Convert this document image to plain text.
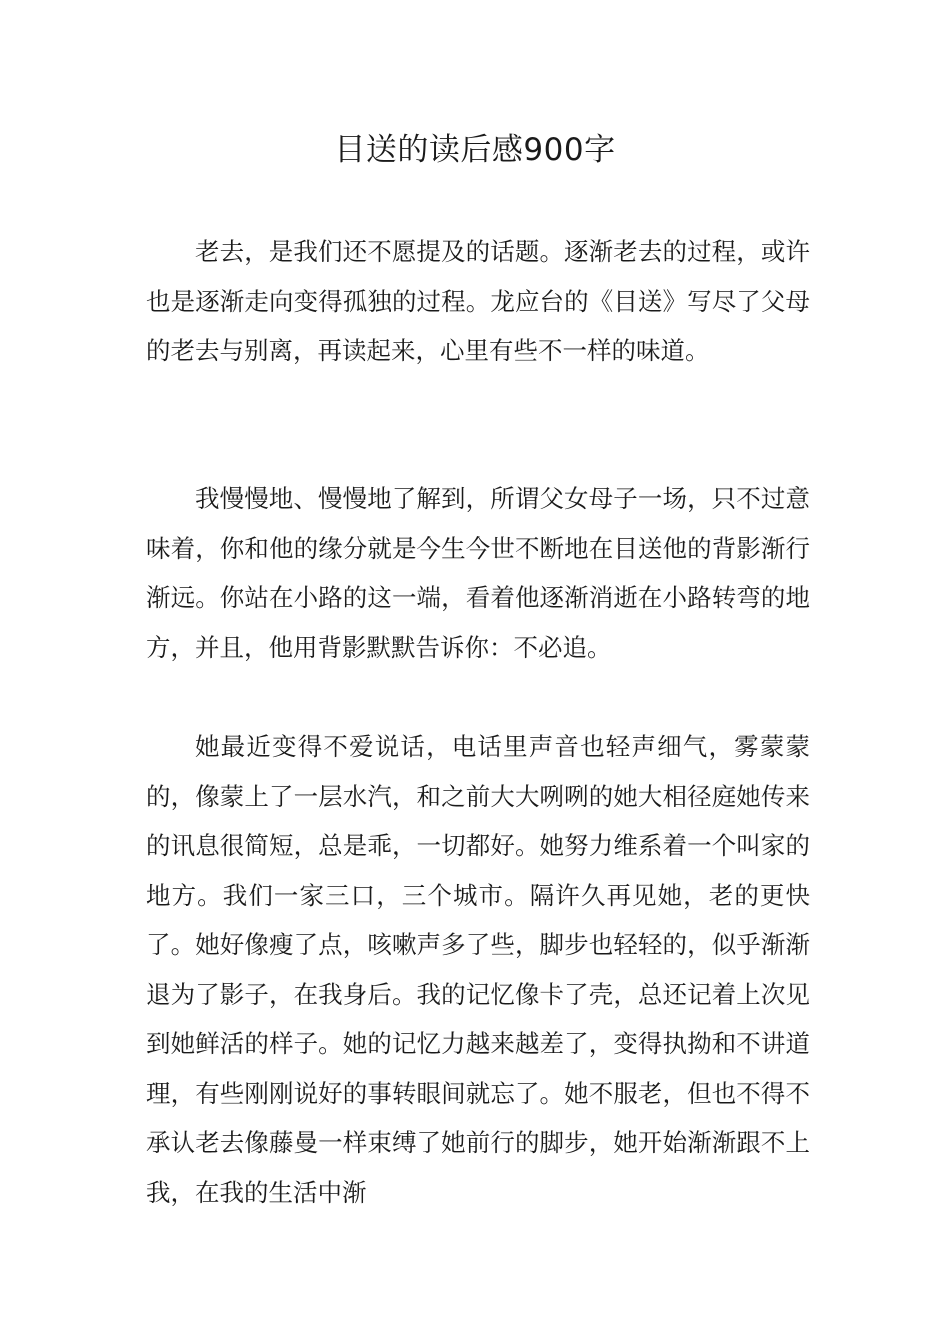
目送的读后感900字

老去，是我们还不愿提及的话题。逐渐老去的过程，或许也是逐渐走向变得孤独的过程。龙应台的《目送》写尽了父母的老去与别离，再读起来，心里有些不一样的味道。

我慢慢地、慢慢地了解到，所谓父女母子一场，只不过意味着，你和他的缘分就是今生今世不断地在目送他的背影渐行渐远。你站在小路的这一端，看着他逐渐消逝在小路转弯的地方，并且，他用背影默默告诉你：不必追。

她最近变得不爱说话，电话里声音也轻声细气，雾蒙蒙的，像蒙上了一层水汽，和之前大大咧咧的她大相径庭她传来的讯息很简短，总是乖，一切都好。她努力维系着一个叫家的地方。我们一家三口，三个城市。隔许久再见她，老的更快了。她好像瘦了点，咳嗽声多了些，脚步也轻轻的，似乎渐渐退为了影子，在我身后。我的记忆像卡了壳，总还记着上次见到她鲜活的样子。她的记忆力越来越差了，变得执拗和不讲道理，有些刚刚说好的事转眼间就忘了。她不服老，但也不得不承认老去像藤曼一样束缚了她前行的脚步，她开始渐渐跟不上我，在我的生活中渐
